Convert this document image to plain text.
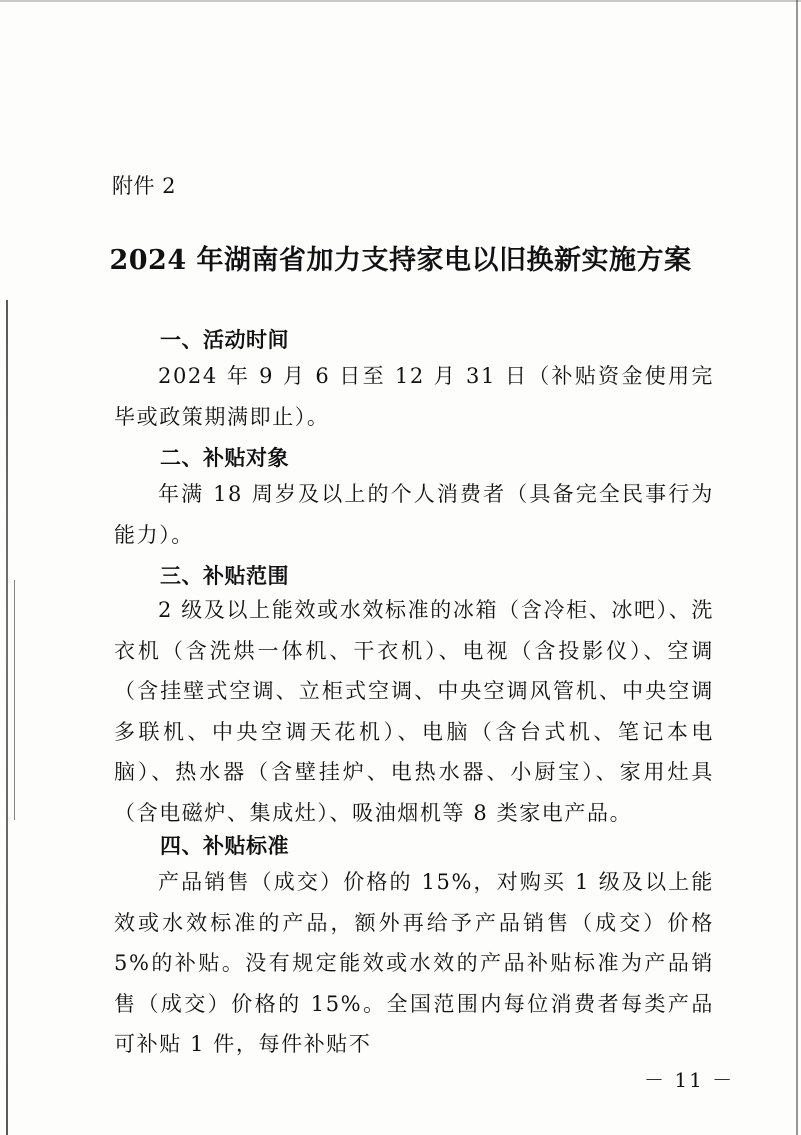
附件 2
2024 年湖南省加力支持家电以旧换新实施方案
一、活动时间
2024 年 9 月 6 日至 12 月 31 日（补贴资金使用完毕或政策期满即止）。
二、补贴对象
年满 18 周岁及以上的个人消费者（具备完全民事行为能力）。
三、补贴范围
2 级及以上能效或水效标准的冰箱（含冷柜、冰吧）、洗衣机（含洗烘一体机、干衣机）、电视（含投影仪）、空调（含挂壁式空调、立柜式空调、中央空调风管机、中央空调多联机、中央空调天花机）、电脑（含台式机、笔记本电脑）、热水器（含壁挂炉、电热水器、小厨宝）、家用灶具（含电磁炉、集成灶）、吸油烟机等 8 类家电产品。
四、补贴标准
产品销售（成交）价格的 15%，对购买 1 级及以上能效或水效标准的产品，额外再给予产品销售（成交）价格 5%的补贴。没有规定能效或水效的产品补贴标准为产品销售（成交）价格的 15%。全国范围内每位消费者每类产品可补贴 1 件，每件补贴不
－ 11 －
